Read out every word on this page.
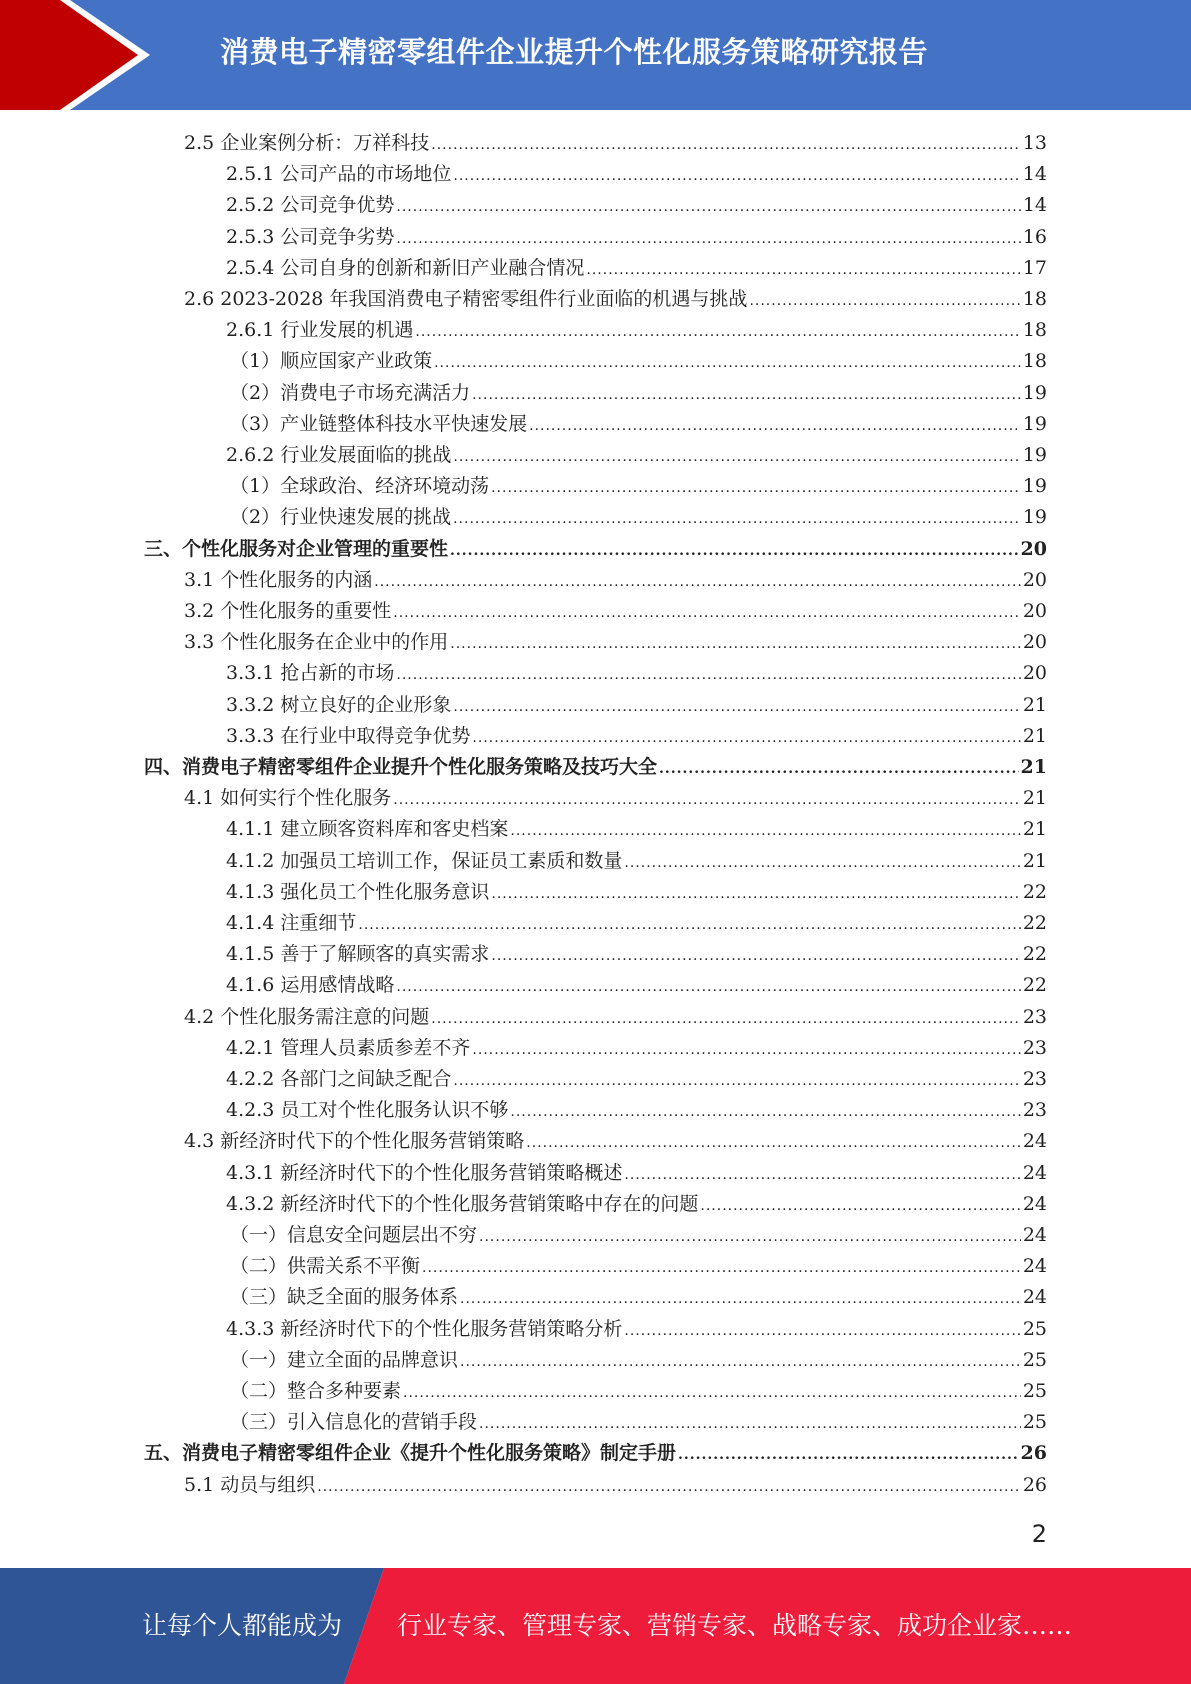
消费电子精密零组件企业提升个性化服务策略研究报告
2.5 企业案例分析：万祥科技 .....	13
2.5.1 公司产品的市场地位 .....	14
2.5.2 公司竞争优势 .....	14
2.5.3 公司竞争劣势 .....	16
2.5.4 公司自身的创新和新旧产业融合情况 .....	17
2.6 2023-2028 年我国消费电子精密零组件行业面临的机遇与挑战 .....	18
2.6.1 行业发展的机遇 .....	18
（1）顺应国家产业政策 .....	18
（2）消费电子市场充满活力 .....	19
（3）产业链整体科技水平快速发展 .....	19
2.6.2 行业发展面临的挑战 .....	19
（1）全球政治、经济环境动荡 .....	19
（2）行业快速发展的挑战 .....	19
三、个性化服务对企业管理的重要性 .....	20
3.1 个性化服务的内涵 .....	20
3.2 个性化服务的重要性 .....	20
3.3 个性化服务在企业中的作用 .....	20
3.3.1 抢占新的市场 .....	20
3.3.2 树立良好的企业形象 .....	21
3.3.3 在行业中取得竞争优势 .....	21
四、消费电子精密零组件企业提升个性化服务策略及技巧大全 .....	21
4.1 如何实行个性化服务 .....	21
4.1.1 建立顾客资料库和客史档案 .....	21
4.1.2 加强员工培训工作，保证员工素质和数量 .....	21
4.1.3 强化员工个性化服务意识 .....	22
4.1.4 注重细节 .....	22
4.1.5 善于了解顾客的真实需求 .....	22
4.1.6 运用感情战略 .....	22
4.2 个性化服务需注意的问题 .....	23
4.2.1 管理人员素质参差不齐 .....	23
4.2.2 各部门之间缺乏配合 .....	23
4.2.3 员工对个性化服务认识不够 .....	23
4.3 新经济时代下的个性化服务营销策略 .....	24
4.3.1 新经济时代下的个性化服务营销策略概述 .....	24
4.3.2 新经济时代下的个性化服务营销策略中存在的问题 .....	24
（一）信息安全问题层出不穷 .....	24
（二）供需关系不平衡 .....	24
（三）缺乏全面的服务体系 .....	24
4.3.3 新经济时代下的个性化服务营销策略分析 .....	25
（一）建立全面的品牌意识 .....	25
（二）整合多种要素 .....	25
（三）引入信息化的营销手段 .....	25
五、消费电子精密零组件企业《提升个性化服务策略》制定手册 .....	26
5.1 动员与组织 .....	26
2
让每个人都能成为 行业专家、管理专家、营销专家、战略专家、成功企业家……
